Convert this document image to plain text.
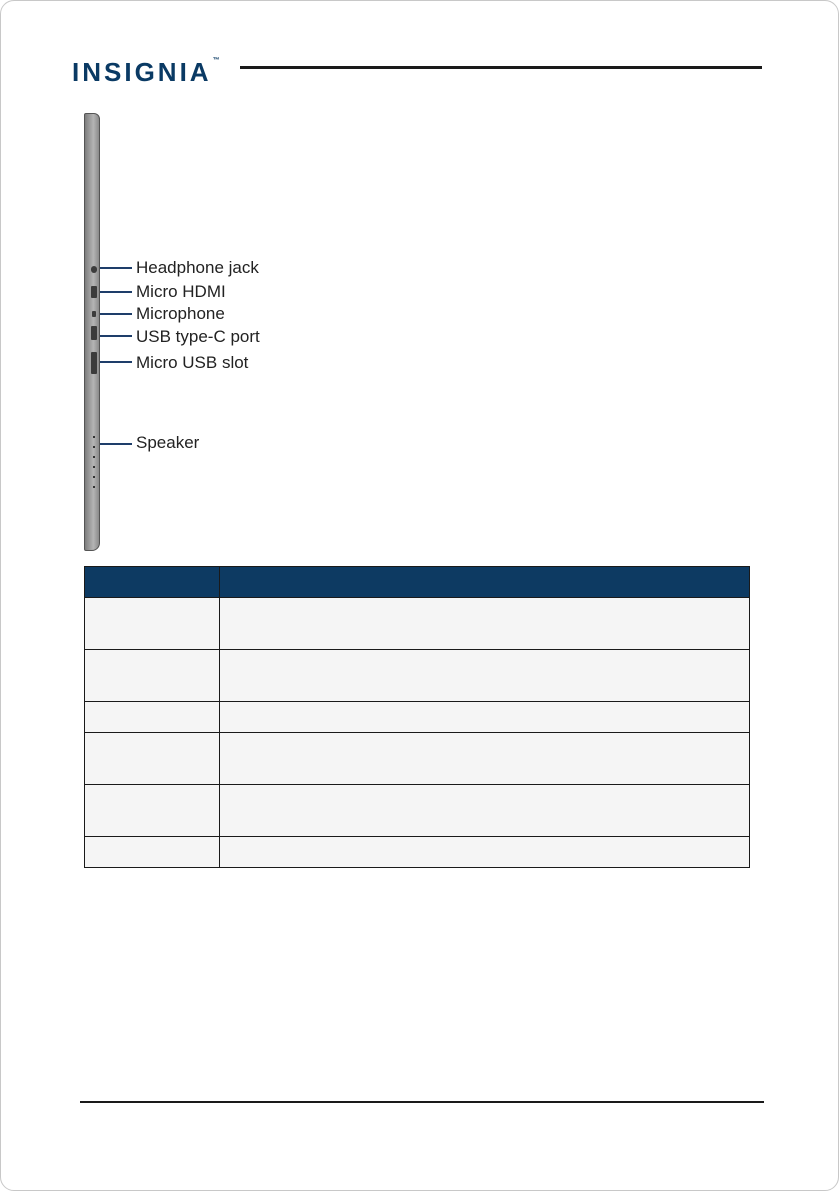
INSIGNIA™
Headphone jack
Micro HDMI
Microphone
USB type-C port
Micro USB slot
Speaker
